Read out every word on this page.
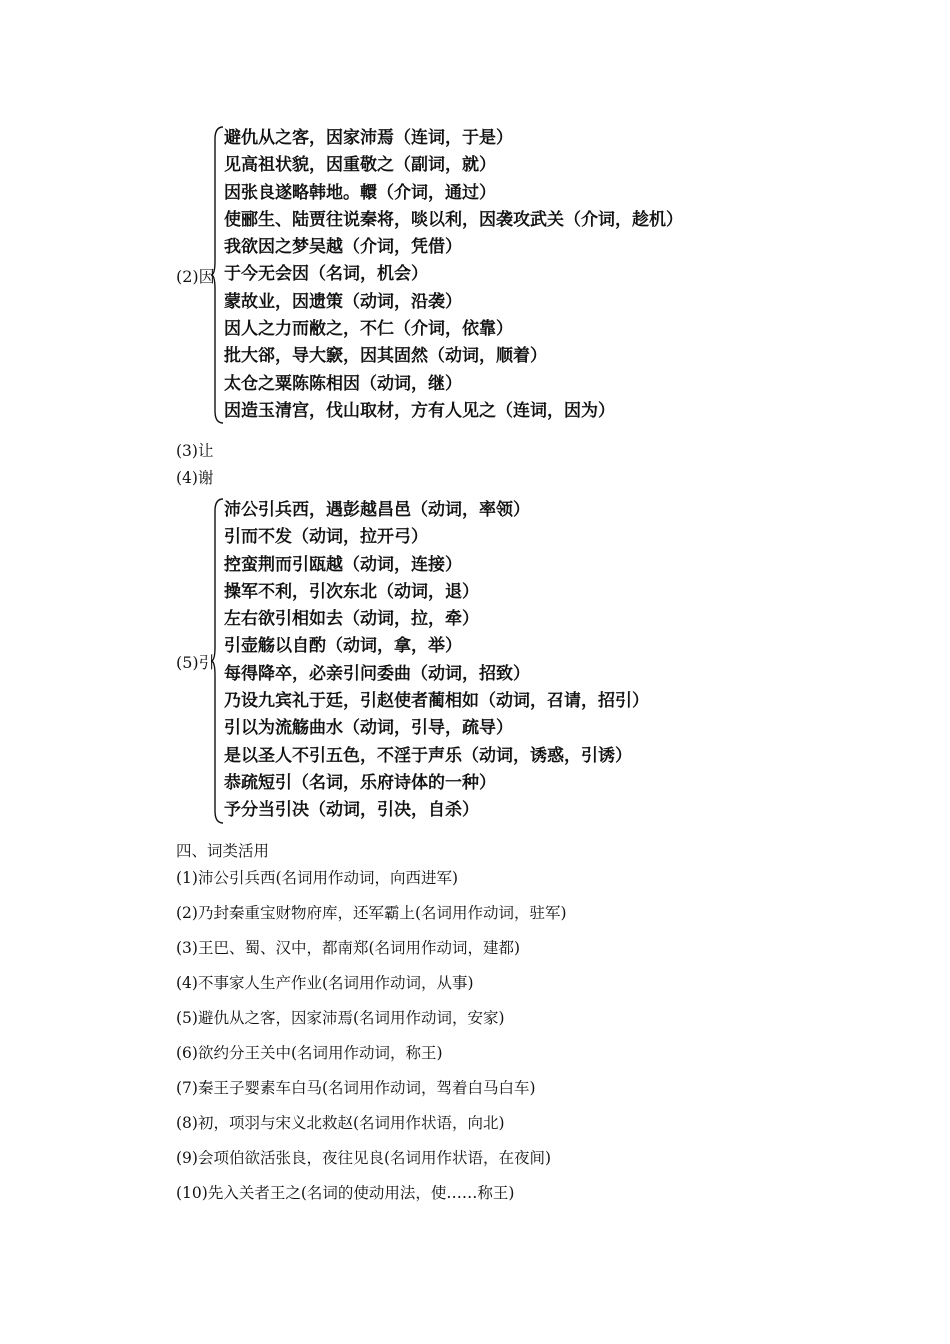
(2)因
避仇从之客，因家沛焉（连词，于是）
见高祖状貌，因重敬之（副词，就）
因张良遂略韩地。轘（介词，通过）
使郦生、陆贾往说秦将，啖以利，因袭攻武关（介词，趁机）
我欲因之梦吴越（介词，凭借）
于今无会因（名词，机会）
蒙故业，因遗策（动词，沿袭）
因人之力而敝之，不仁（介词，依靠）
批大郤，导大窾，因其固然（动词，顺着）
太仓之粟陈陈相因（动词，继）
因造玉清宫，伐山取材，方有人见之（连词，因为）
(3)让
(4)谢
(5)引
沛公引兵西，遇彭越昌邑（动词，率领）
引而不发（动词，拉开弓）
控蛮荆而引瓯越（动词，连接）
操军不利，引次东北（动词，退）
左右欲引相如去（动词，拉，牵）
引壶觞以自酌（动词，拿，举）
每得降卒，必亲引问委曲（动词，招致）
乃设九宾礼于廷，引赵使者蔺相如（动词，召请，招引）
引以为流觞曲水（动词，引导，疏导）
是以圣人不引五色，不淫于声乐（动词，诱惑，引诱）
恭疏短引（名词，乐府诗体的一种）
予分当引决（动词，引决，自杀）
四、词类活用
(1)沛公引兵西(名词用作动词，向西进军)
(2)乃封秦重宝财物府库，还军霸上(名词用作动词，驻军)
(3)王巴、蜀、汉中，都南郑(名词用作动词，建都)
(4)不事家人生产作业(名词用作动词，从事)
(5)避仇从之客，因家沛焉(名词用作动词，安家)
(6)欲约分王关中(名词用作动词，称王)
(7)秦王子婴素车白马(名词用作动词，驾着白马白车)
(8)初，项羽与宋义北救赵(名词用作状语，向北)
(9)会项伯欲活张良，夜往见良(名词用作状语，在夜间)
(10)先入关者王之(名词的使动用法，使……称王)
